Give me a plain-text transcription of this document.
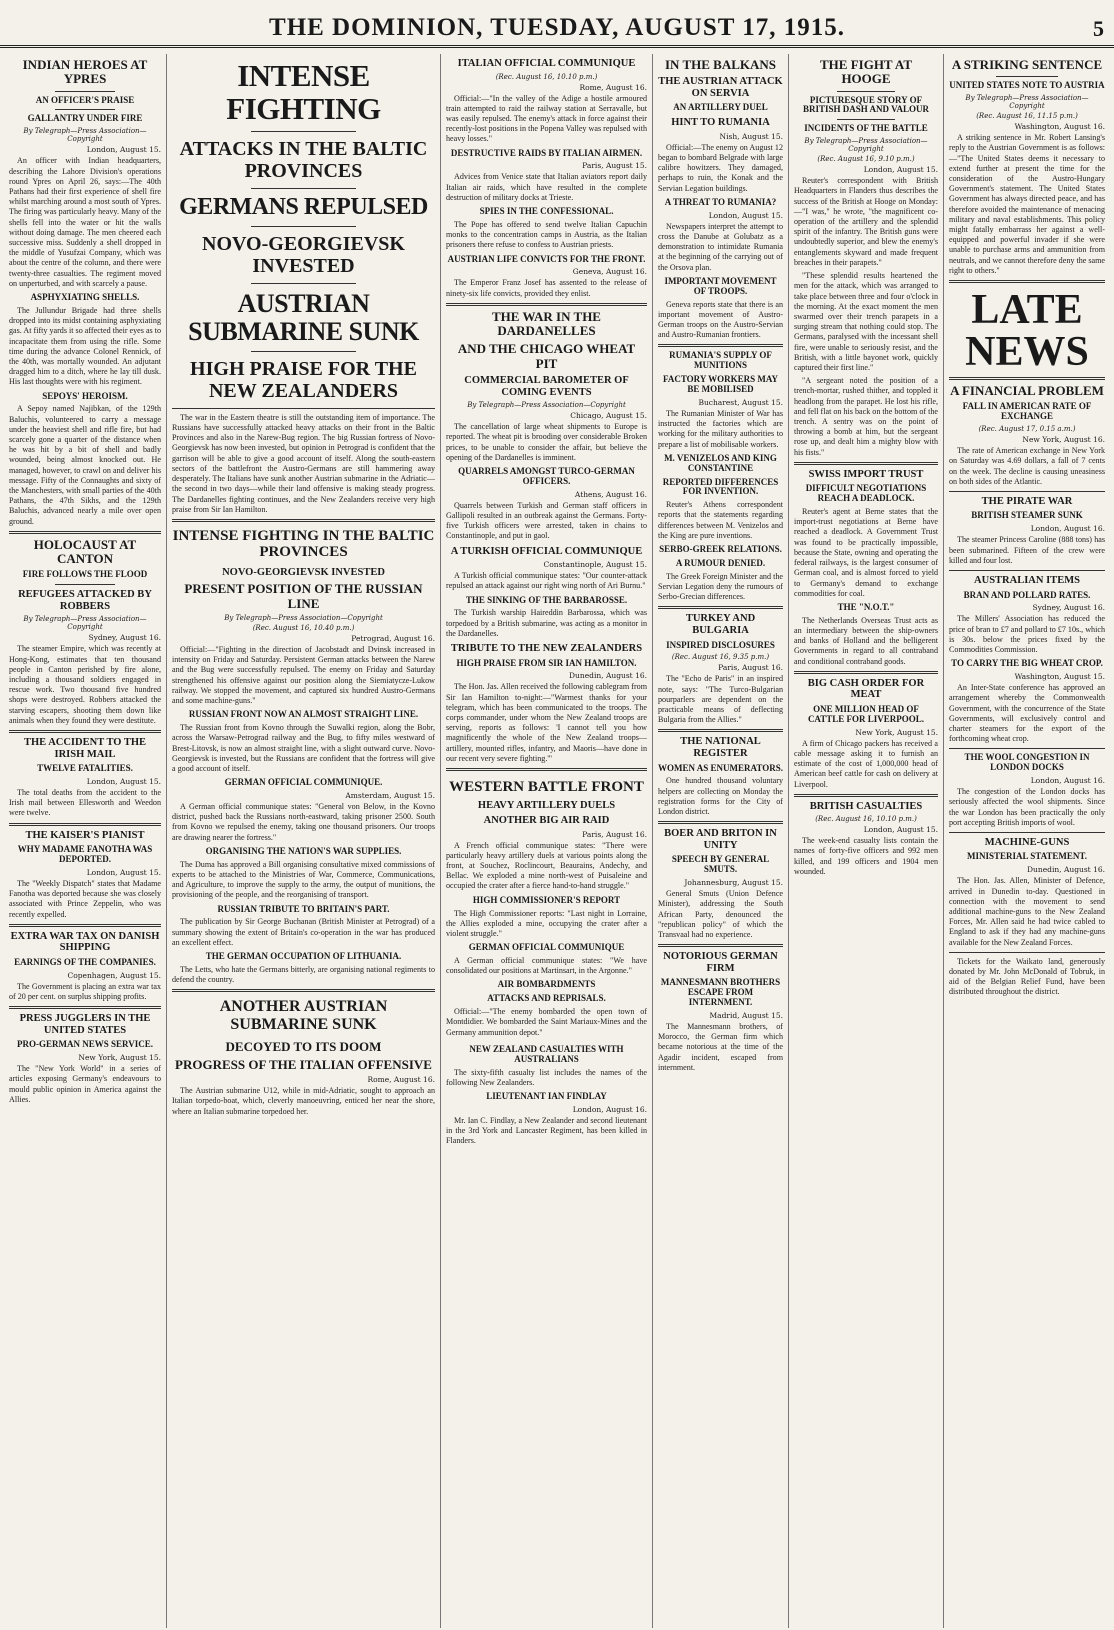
THE DOMINION, TUESDAY, AUGUST 17, 1915.	5
INDIAN HEROES AT YPRES
AN OFFICER'S PRAISE
GALLANTRY UNDER FIRE
By Telegraph—Press Association—Copyright
London, August 15.

An officer with Indian headquarters, describing the Lahore Division's operations round Ypres on April 26, says:—The 40th Pathans had their first experience of shell fire whilst marching around a most south of Ypres. The firing was particularly heavy. Many of the shells fell into the water or hit the walls without doing damage. The men cheered each successive miss. Suddenly a shell dropped in the middle of Yusufzai Company, which was about the centre of the column, and there were twenty-three casualties. The regiment moved on unperturbed, and with scarcely a pause.

ASPHYXIATING SHELLS.

The Jullundur Brigade had three shells dropped into its midst containing asphyxiating gas. At fifty yards it so affected their eyes as to incapacitate them from using the rifle. Some time during the advance Colonel Rennick, of the 40th, was mortally wounded. An adjutant dragged him to a ditch, where he lay till dusk. His last thoughts were with his regiment.

SEPOYS' HEROISM.

A Sepoy named Najibkan, of the 129th Baluchis, volunteered to carry a message under the heaviest shell and rifle fire, but had scarcely gone a quarter of the distance when he was hit by a bit of shell and badly wounded, being almost knocked out. He managed, however, to crawl on and deliver his message. Fifty of the Connaughts and sixty of the Manchesters, with small parties of the 40th Pathans, the 47th Sikhs, and the 129th Baluchis, advanced nearly a mile over open ground.

HOLOCAUST AT CANTON
FIRE FOLLOWS THE FLOOD
REFUGEES ATTACKED BY ROBBERS
By Telegraph—Press Association—Copyright
Sydney, August 16.

The steamer Empire, which was recently at Hong-Kong, estimates that ten thousand people in Canton perished by fire alone, including a thousand soldiers engaged in rescue work. Two thousand five hundred shops were destroyed. Robbers attacked the starving escapers, shooting them down like animals when they found they were destitute.

THE ACCIDENT TO THE IRISH MAIL
TWELVE FATALITIES.
London, August 15.

The total deaths from the accident to the Irish mail between Ellesworth and Weedon were twelve.

THE KAISER'S PIANIST
WHY MADAME FANOTHA WAS DEPORTED.
London, August 15.

The "Weekly Dispatch" states that Madame Fanotha was deported because she was closely associated with Prince Zeppelin, who was recently expelled.

EXTRA WAR TAX ON DANISH SHIPPING
EARNINGS OF THE COMPANIES.
Copenhagen, August 15.

The Government is placing an extra war tax of 20 per cent. on surplus shipping profits.

PRESS JUGGLERS IN THE UNITED STATES
PRO-GERMAN NEWS SERVICE.
New York, August 15.

The "New York World" in a series of articles exposing Germany's endeavours to mould public opinion in America against the Allies.

INTENSE FIGHTING
ATTACKS IN THE BALTIC PROVINCES
GERMANS REPULSED
NOVO-GEORGIEVSK INVESTED
AUSTRIAN SUBMARINE SUNK
HIGH PRAISE FOR THE NEW ZEALANDERS

The war in the Eastern theatre is still the outstanding item of importance. The Russians have successfully attacked heavy attacks on their front in the Baltic Provinces and also in the Narew-Bug region. The big Russian fortress of Novo-Georgievsk has now been invested, but opinion in Petrograd is confident that the garrison will be able to give a good account of itself. Along the south-eastern sectors of the battlefront the Austro-Germans are still hammering away desperately. The Italians have sunk another Austrian submarine in the Adriatic—the second in two days—while their land offensive is making steady progress. The Dardanelles fighting continues, and the New Zealanders receive very high praise from Sir Ian Hamilton.

INTENSE FIGHTING IN THE BALTIC PROVINCES
NOVO-GEORGIEVSK INVESTED
PRESENT POSITION OF THE RUSSIAN LINE
By Telegraph—Press Association—Copyright
(Rec. August 16, 10.40 p.m.)
Petrograd, August 16.

Official:—"Fighting in the direction of Jacobstadt and Dvinsk increased in intensity on Friday and Saturday. Persistent German attacks between the Narew and the Bug were successfully repulsed. The enemy on Friday and Saturday strengthened his offensive against our position along the Siemiatycze-Lukow railway. We stopped the movement, and captured six hundred Austro-Germans and some machine-guns."

RUSSIAN FRONT NOW AN ALMOST STRAIGHT LINE.

The Russian front from Kovno through the Suwalki region, along the Bobr, across the Warsaw-Petrograd railway and the Bug, to fifty miles westward of Brest-Litovsk, is now an almost straight line, with a slight outward curve. Novo-Georgievsk is invested, but the Russians are confident that the fortress will give a good account of itself.

GERMAN OFFICIAL COMMUNIQUE.
Amsterdam, August 15.

A German official communique states: "General von Below, in the Kovno district, pushed back the Russians north-eastward, taking prisoner 2500. South from Kovno we repulsed the enemy, taking one thousand prisoners. Our troops are drawing nearer the fortress."

ORGANISING THE NATION'S WAR SUPPLIES.

The Duma has approved a Bill organising consultative mixed commissions of experts to be attached to the Ministries of War, Commerce, Communications, and Agriculture, to improve the supply to the army, the output of munitions, the provisioning of the people, and the reorganising of transport.

RUSSIAN TRIBUTE TO BRITAIN'S PART.

The publication by Sir George Buchanan (British Minister at Petrograd) of a summary showing the extent of Britain's co-operation in the war has produced an excellent effect.

THE GERMAN OCCUPATION OF LITHUANIA.

The Letts, who hate the Germans bitterly, are organising national regiments to defend the country.

ANOTHER AUSTRIAN SUBMARINE SUNK
DECOYED TO ITS DOOM
PROGRESS OF THE ITALIAN OFFENSIVE
Rome, August 16.

The Austrian submarine U12, while in mid-Adriatic, sought to approach an Italian torpedo-boat, which, cleverly manoeuvring, enticed her near the shore, where an Italian submarine torpedoed her.

ITALIAN OFFICIAL COMMUNIQUE
(Rec. August 16, 10.10 p.m.)
Rome, August 16.

Official:—"In the valley of the Adige a hostile armoured train attempted to raid the railway station at Serravalle, but was easily repulsed. The enemy's attack in force against their recently-lost positions in the Popena Valley was repulsed with heavy losses."

DESTRUCTIVE RAIDS BY ITALIAN AIRMEN.
Paris, August 15.

Advices from Venice state that Italian aviators report daily Italian air raids, which have resulted in the complete destruction of military docks at Trieste.

SPIES IN THE CONFESSIONAL.

The Pope has offered to send twelve Italian Capuchin monks to the concentration camps in Austria, as the Italian prisoners there refuse to confess to Austrian priests.

AUSTRIAN LIFE CONVICTS FOR THE FRONT.
Geneva, August 16.

The Emperor Franz Josef has assented to the release of ninety-six life convicts, provided they enlist.

THE WAR IN THE DARDANELLES
AND THE CHICAGO WHEAT PIT
COMMERCIAL BAROMETER OF COMING EVENTS
By Telegraph—Press Association—Copyright
Chicago, August 15.

The cancellation of large wheat shipments to Europe is reported. The wheat pit is brooding over considerable Broken prices, to be unable to consider the affair, but believe the opening of the Dardanelles is imminent.

QUARRELS AMONGST TURCO-GERMAN OFFICERS.
Athens, August 16.

Quarrels between Turkish and German staff officers in Gallipoli resulted in an outbreak against the Germans. Forty-five Turkish officers were arrested, taken in chains to Constantinople, and put in gaol.

A TURKISH OFFICIAL COMMUNIQUE
Constantinople, August 15.

A Turkish official communique states: "Our counter-attack repulsed an attack against our right wing north of Ari Burnu."

THE SINKING OF THE BARBAROSSE.

The Turkish warship Haireddin Barbarossa, which was torpedoed by a British submarine, was acting as a monitor in the Dardanelles.

TRIBUTE TO THE NEW ZEALANDERS
HIGH PRAISE FROM SIR IAN HAMILTON.
Dunedin, August 16.

The Hon. Jas. Allen received the following cablegram from Sir Ian Hamilton to-night:—"Warmest thanks for your telegram, which has been communicated to the troops. The corps commander, under whom the New Zealand troops are serving, reports as follows: 'I cannot tell you how magnificently the whole of the New Zealand troops—artillery, mounted rifles, infantry, and Maoris—have done in our recent very severe fighting.'"

WESTERN BATTLE FRONT
HEAVY ARTILLERY DUELS
ANOTHER BIG AIR RAID
Paris, August 16.

A French official communique states: "There were particularly heavy artillery duels at various points along the front, at Souchez, Roclincourt, Beaurains, Andechy, and Bellac. We exploded a mine north-west of Puisaleine and occupied the crater after a fierce hand-to-hand struggle."

HIGH COMMISSIONER'S REPORT

The High Commissioner reports: "Last night in Lorraine, the Allies exploded a mine, occupying the crater after a violent struggle."

GERMAN OFFICIAL COMMUNIQUE

A German official communique states: "We have consolidated our positions at Martinsart, in the Argonne."

AIR BOMBARDMENTS
ATTACKS AND REPRISALS.

Official:—"The enemy bombarded the open town of Montdidier. We bombarded the Saint Mariaux-Mines and the Germany ammunition depot."

NEW ZEALAND CASUALTIES WITH AUSTRALIANS

The sixty-fifth casualty list includes the names of the following New Zealanders.

LIEUTENANT IAN FINDLAY
London, August 16.

Mr. Ian C. Findlay, a New Zealander and second lieutenant in the 3rd York and Lancaster Regiment, has been killed in Flanders.

IN THE BALKANS
THE AUSTRIAN ATTACK ON SERVIA
AN ARTILLERY DUEL
HINT TO RUMANIA
Nish, August 15.

Official:—The enemy on August 12 began to bombard Belgrade with large calibre howitzers. They damaged, perhaps to ruin, the Konak and the Servian Legation buildings.

A THREAT TO RUMANIA?
London, August 15.

Newspapers interpret the attempt to cross the Danube at Golubatz as a demonstration to intimidate Rumania at the beginning of the carrying out of the Orsova plan.

IMPORTANT MOVEMENT OF TROOPS.

Geneva reports state that there is an important movement of Austro-German troops on the Austro-Servian and Austro-Rumanian frontiers.

RUMANIA'S SUPPLY OF MUNITIONS
FACTORY WORKERS MAY BE MOBILISED
Bucharest, August 15.

The Rumanian Minister of War has instructed the factories which are working for the military authorities to prepare a list of mobilisable workers.

M. VENIZELOS AND KING CONSTANTINE
REPORTED DIFFERENCES FOR INVENTION.

Reuter's Athens correspondent reports that the statements regarding differences between M. Venizelos and the King are pure inventions.

SERBO-GREEK RELATIONS.
A RUMOUR DENIED.

The Greek Foreign Minister and the Servian Legation deny the rumours of Serbo-Grecian differences.

TURKEY AND BULGARIA
INSPIRED DISCLOSURES
(Rec. August 16, 9.35 p.m.)
Paris, August 16.

The "Echo de Paris" in an inspired note, says: "The Turco-Bulgarian pourparlers are dependent on the practicable means of deflecting Bulgaria from the Allies."

THE NATIONAL REGISTER
WOMEN AS ENUMERATORS.

One hundred thousand voluntary helpers are collecting on Monday the registration forms for the City of London district.

BOER AND BRITON IN UNITY
SPEECH BY GENERAL SMUTS.
Johannesburg, August 15.

General Smuts (Union Defence Minister), addressing the South African Party, denounced the "republican policy" of which the Transvaal had no experience.

NOTORIOUS GERMAN FIRM
MANNESMANN BROTHERS ESCAPE FROM INTERNMENT.
Madrid, August 15.

The Mannesmann brothers, of Morocco, the German firm which became notorious at the time of the Agadir incident, escaped from internment.

THE FIGHT AT HOOGE
PICTURESQUE STORY OF BRITISH DASH AND VALOUR
INCIDENTS OF THE BATTLE
By Telegraph—Press Association—Copyright
(Rec. August 16, 9.10 p.m.)
London, August 15.

Reuter's correspondent with British Headquarters in Flanders thus describes the success of the British at Hooge on Monday:—"I was," he wrote, "the magnificent co-operation of the artillery and the splendid spirit of the infantry. The British guns were undoubtedly superior, and blew the enemy's entanglements skyward and made frequent breaches in their parapets."

"These splendid results heartened the men for the attack, which was arranged to take place between three and four o'clock in the morning. At the exact moment the men swarmed over their trench parapets in a surging stream that nothing could stop. The Germans, paralysed with the incessant shell fire, were unable to seriously resist, and the British, with a little bayonet work, quickly captured their first line."

"A sergeant noted the position of a trench-mortar, rushed thither, and toppled it headlong from the parapet. He lost his rifle, and fell flat on his back on the bottom of the trench. A sentry was on the point of throwing a bomb at him, but the sergeant rose up, and dealt him a mighty blow with his fists."

SWISS IMPORT TRUST
DIFFICULT NEGOTIATIONS REACH A DEADLOCK.

Reuter's agent at Berne states that the import-trust negotiations at Berne have reached a deadlock. A Government Trust was found to be practically impossible, because the State, owning and operating the federal railways, is the largest consumer of German coal, and is almost forced to yield to Germany's demand to exchange commodities for coal.

THE "N.O.T."

The Netherlands Overseas Trust acts as an intermediary between the ship-owners and banks of Holland and the belligerent Governments in regard to all contraband and conditional contraband goods.

BIG CASH ORDER FOR MEAT
ONE MILLION HEAD OF CATTLE FOR LIVERPOOL.
New York, August 15.

A firm of Chicago packers has received a cable message asking it to furnish an estimate of the cost of 1,000,000 head of American beef cattle for cash on delivery at Liverpool.

BRITISH CASUALTIES
(Rec. August 16, 10.10 p.m.)
London, August 15.

The week-end casualty lists contain the names of forty-five officers and 992 men killed, and 199 officers and 1904 men wounded.

A STRIKING SENTENCE
UNITED STATES NOTE TO AUSTRIA
By Telegraph—Press Association—Copyright
(Rec. August 16, 11.15 p.m.)
Washington, August 16.

A striking sentence in Mr. Robert Lansing's reply to the Austrian Government is as follows:—"The United States deems it necessary to extend further at present the time for the consideration of the Austro-Hungary Government's statement. The United States Government has always directed peace, and has therefore avoided the maintenance of menacing military and naval establishments. This policy might fatally embarrass her against a well-equipped and powerful invader if she were unable to purchase arms and ammunition from neutrals, and we cannot therefore deny the same right to others."

LATE NEWS
A FINANCIAL PROBLEM
FALL IN AMERICAN RATE OF EXCHANGE
(Rec. August 17, 0.15 a.m.)
New York, August 16.

The rate of American exchange in New York on Saturday was 4.69 dollars, a fall of 7 cents on the week. The decline is causing uneasiness on both sides of the Atlantic.

THE PIRATE WAR
BRITISH STEAMER SUNK
London, August 16.

The steamer Princess Caroline (888 tons) has been submarined. Fifteen of the crew were killed and four lost.

AUSTRALIAN ITEMS
BRAN AND POLLARD RATES.
Sydney, August 16.

The Millers' Association has reduced the price of bran to £7 and pollard to £7 10s., which is 30s. below the prices fixed by the Commodities Commission.

TO CARRY THE BIG WHEAT CROP.
Washington, August 15.

An Inter-State conference has approved an arrangement whereby the Commonwealth Government, with the concurrence of the State Governments, will exclusively control and charter steamers for the export of the forthcoming wheat crop.

THE WOOL CONGESTION IN LONDON DOCKS
London, August 16.

The congestion of the London docks has seriously affected the wool shipments. Since the war London has been practically the only port accepting British imports of wool.

MACHINE-GUNS
MINISTERIAL STATEMENT.
Dunedin, August 16.

The Hon. Jas. Allen, Minister of Defence, arrived in Dunedin to-day. Questioned in connection with the movement to send additional machine-guns to the New Zealand Forces, Mr. Allen said he had twice cabled to England to ask if they had any machine-guns available for the New Zealand Forces.

Tickets for the Waikato land, generously donated by Mr. John McDonald of Tobruk, in aid of the Belgian Relief Fund, have been distributed throughout the district.
